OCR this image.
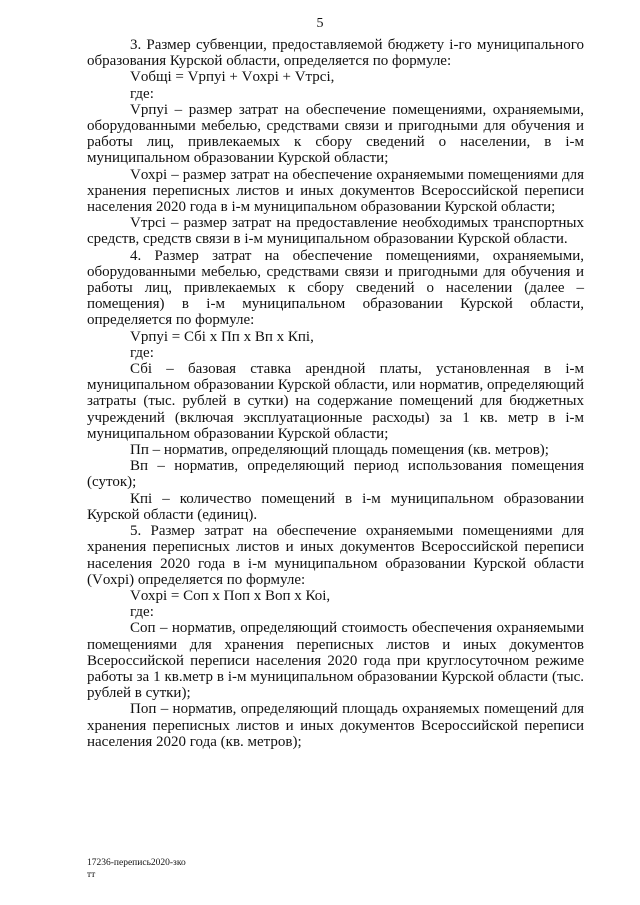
5

3. Размер субвенции, предоставляемой бюджету i-го муниципального образования Курской области, определяется по формуле:

Vобщі = Vрпуі + Vохрі + Vтрсі,

где:

Vрпуі – размер затрат на обеспечение помещениями, охраняемыми, оборудованными мебелью, средствами связи и пригодными для обучения и работы лиц, привлекаемых к сбору сведений о населении, в i-м муниципальном образовании Курской области;

Vохрі – размер затрат на обеспечение охраняемыми помещениями для хранения переписных листов и иных документов Всероссийской переписи населения 2020 года в i-м муниципальном образовании Курской области;

Vтрсі – размер затрат на предоставление необходимых транспортных средств, средств связи в i-м муниципальном образовании Курской области.

4. Размер затрат на обеспечение помещениями, охраняемыми, оборудованными мебелью, средствами связи и пригодными для обучения и работы лиц, привлекаемых к сбору сведений о населении (далее – помещения) в i-м муниципальном образовании Курской области, определяется по формуле:

Vрпуі = Сбі х Пп х Вп х Кпі,

где:

Сбі – базовая ставка арендной платы, установленная в i-м муниципальном образовании Курской области, или норматив, определяющий затраты (тыс. рублей в сутки) на содержание помещений для бюджетных учреждений (включая эксплуатационные расходы) за 1 кв. метр в i-м муниципальном образовании Курской области;

Пп – норматив, определяющий площадь помещения (кв. метров);

Вп – норматив, определяющий период использования помещения (суток);

Кпі – количество помещений в i-м муниципальном образовании Курской области (единиц).

5. Размер затрат на обеспечение охраняемыми помещениями для хранения переписных листов и иных документов Всероссийской переписи населения 2020 года в i-м муниципальном образовании Курской области (Vохрі) определяется по формуле:

Vохрі = Соп х Поп х Воп х Коі,

где:

Соп – норматив, определяющий стоимость обеспечения охраняемыми помещениями для хранения переписных листов и иных документов Всероссийской переписи населения 2020 года при круглосуточном режиме работы за 1 кв.метр в i-м муниципальном образовании Курской области (тыс. рублей в сутки);

Поп – норматив, определяющий площадь охраняемых помещений для хранения переписных листов и иных документов Всероссийской переписи населения 2020 года (кв. метров);

17236-перепись2020-зко
тт
